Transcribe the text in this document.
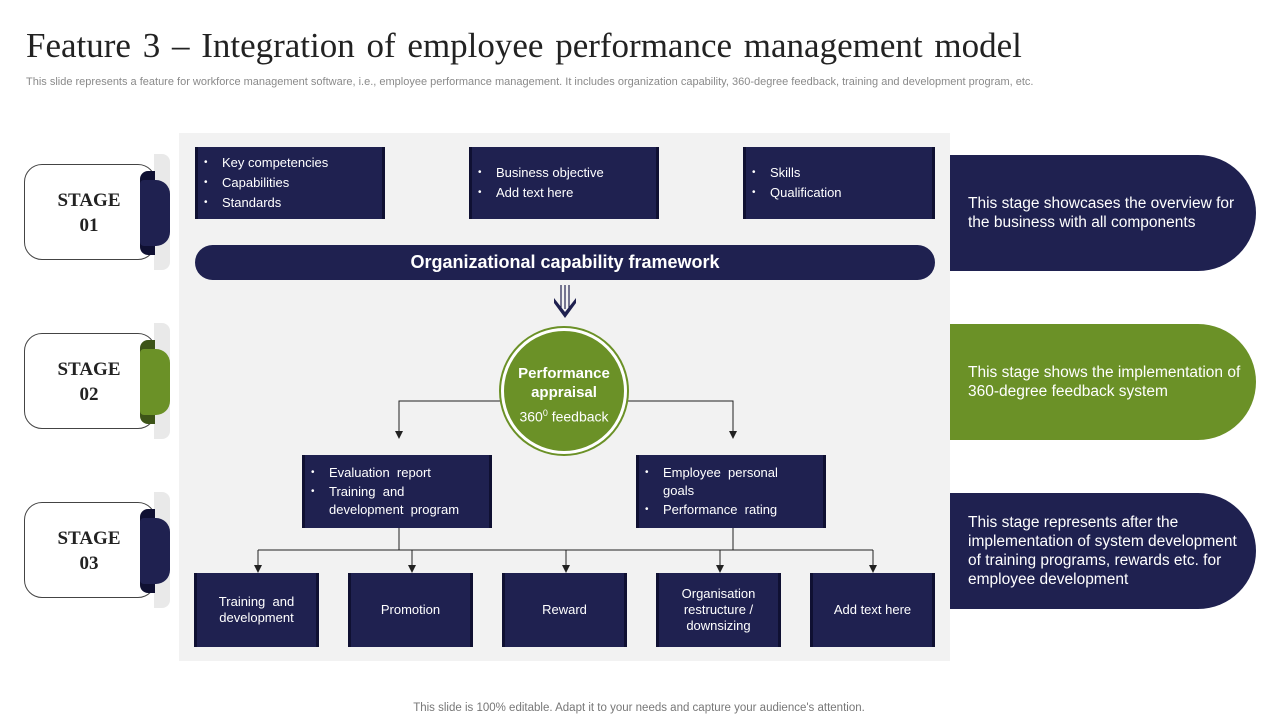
Feature 3 – Integration of employee performance management model
This slide represents a feature for workforce management software, i.e., employee performance management. It includes organization capability, 360-degree feedback, training and development program, etc.
STAGE
01
STAGE
02
STAGE
03
This stage showcases the overview for the business with all components
This stage shows the implementation of 360-degree feedback system
This stage represents after the implementation of system development of training programs, rewards etc. for employee development
• Key competencies
• Capabilities
• Standards
• Business objective
• Add text here
• Skills
• Qualification
Organizational capability framework
Performance appraisal
$360^0$ feedback
• Evaluation  report
• Training  and development  program
• Employee  personal goals
• Performance  rating
Training  and development
Promotion	Reward
Organisation restructure / downsizing
Add text here
This slide is 100% editable. Adapt it to your needs and capture your audience's attention.
